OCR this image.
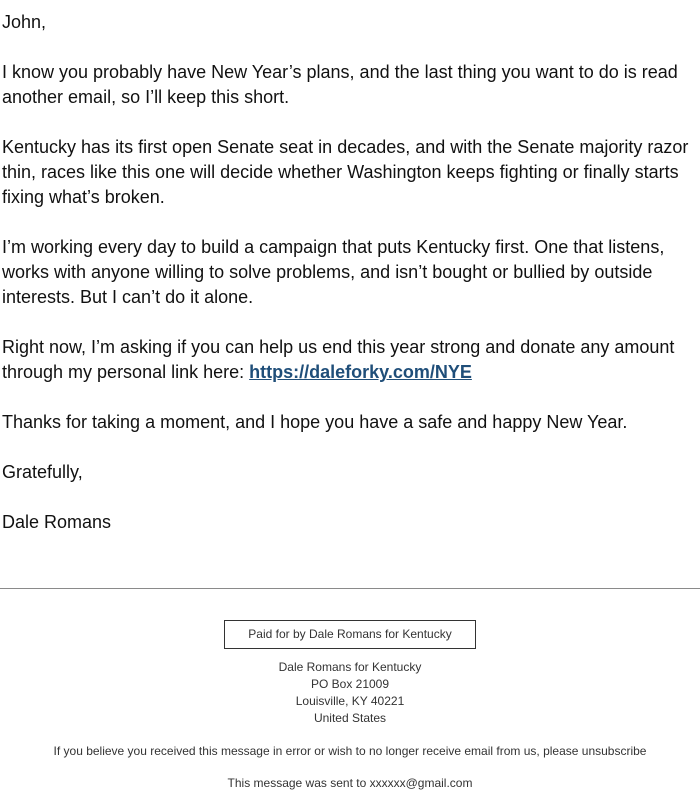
John,

I know you probably have New Year’s plans, and the last thing you want to do is read another email, so I’ll keep this short.

Kentucky has its first open Senate seat in decades, and with the Senate majority razor thin, races like this one will decide whether Washington keeps fighting or finally starts fixing what’s broken.

I’m working every day to build a campaign that puts Kentucky first. One that listens, works with anyone willing to solve problems, and isn’t bought or bullied by outside interests. But I can’t do it alone.

Right now, I’m asking if you can help us end this year strong and donate any amount through my personal link here: https://daleforky.com/NYE

Thanks for taking a moment, and I hope you have a safe and happy New Year.

Gratefully,

Dale Romans

Paid for by Dale Romans for Kentucky
Dale Romans for Kentucky
PO Box 21009
Louisville, KY 40221
United States
If you believe you received this message in error or wish to no longer receive email from us, please unsubscribe
This message was sent to xxxxxx@gmail.com
